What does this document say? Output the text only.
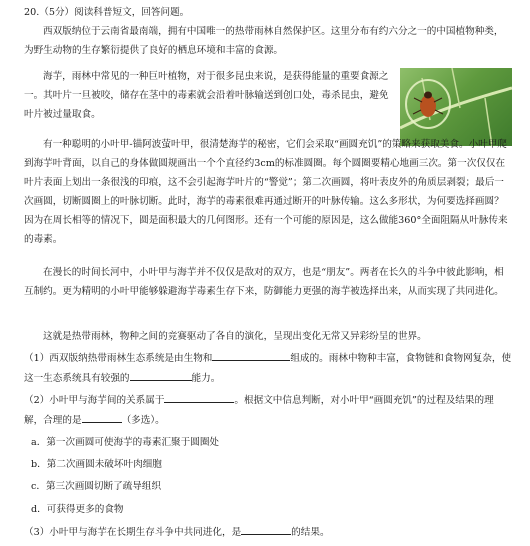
20.（5分）阅读科普短文，回答问题。
西双版纳位于云南省最南端，拥有中国唯一的热带雨林自然保护区。这里分布有约六分之一的中国植物种类，为野生动物的生存繁衍提供了良好的栖息环境和丰富的食源。
海芋，雨林中常见的一种巨叶植物，对于很多昆虫来说，是获得能量的重要食源之一。其叶片一旦被咬，储存在茎中的毒素就会沿着叶脉输送到创口处，毒杀昆虫，避免叶片被过量取食。
有一种聪明的小叶甲-锚阿波萤叶甲，很清楚海芋的秘密，它们会采取“画圆充饥”的策略来获取美食。小叶甲爬到海芋叶背面，以自己的身体做圆规画出一个个直径约3cm的标准圆圈。每个圆圈要精心地画三次。第一次仅仅在叶片表面上划出一条很浅的印痕，这不会引起海芋叶片的“警觉”；第二次画圆，将叶表皮外的角质层剥裂；最后一次画圆，切断圆圈上的叶脉切断。此时，海芋的毒素很难再通过断开的叶脉传输。这么多形状，为何要选择画圆？因为在周长相等的情况下，圆是面积最大的几何图形。还有一个可能的原因是，这么做能360°全面阻隔从叶脉传来的毒素。
在漫长的时间长河中，小叶甲与海芋并不仅仅是敌对的双方，也是“朋友”。两者在长久的斗争中彼此影响，相互制约。更为精明的小叶甲能够躲避海芋毒素生存下来，防御能力更强的海芋被选择出来，从而实现了共同进化。
这就是热带雨林，物种之间的竞赛驱动了各自的演化，呈现出变化无常又异彩纷呈的世界。
（1）西双版纳热带雨林生态系统是由生物和	组成的。雨林中物种丰富，食物链和食物网复杂，使这一生态系统具有较强的	能力。
（2）小叶甲与海芋间的关系属于	。根据文中信息判断，对小叶甲“画圆充饥”的过程及结果的理解，合理的是	（多选）。
a．第一次画圆可使海芋的毒素汇聚于圆圈处
b．第二次画圆未破坏叶肉细胞
c．第三次画圆切断了疏导组织
d．可获得更多的食物
（3）小叶甲与海芋在长期生存斗争中共同进化，是	的结果。
